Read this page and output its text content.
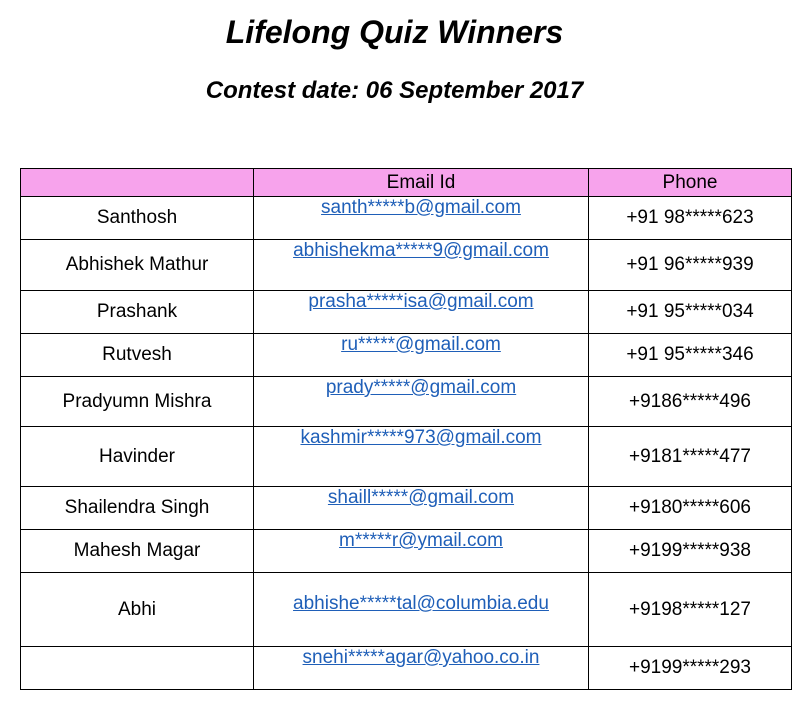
Lifelong Quiz Winners
Contest date: 06 September 2017
	Email Id	Phone
Santhosh	santh*****b@gmail.com	+91 98*****623
Abhishek Mathur	abhishekma*****9@gmail.com	+91 96*****939
Prashank	prasha*****isa@gmail.com	+91 95*****034
Rutvesh	ru*****@gmail.com	+91 95*****346
Pradyumn Mishra	prady*****@gmail.com	+9186*****496
Havinder	kashmir*****973@gmail.com	+9181*****477
Shailendra Singh	shaill*****@gmail.com	+9180*****606
Mahesh Magar	m*****r@ymail.com	+9199*****938
Abhi	abhishe*****tal@columbia.edu	+9198*****127
	snehi*****agar@yahoo.co.in	+9199*****293
